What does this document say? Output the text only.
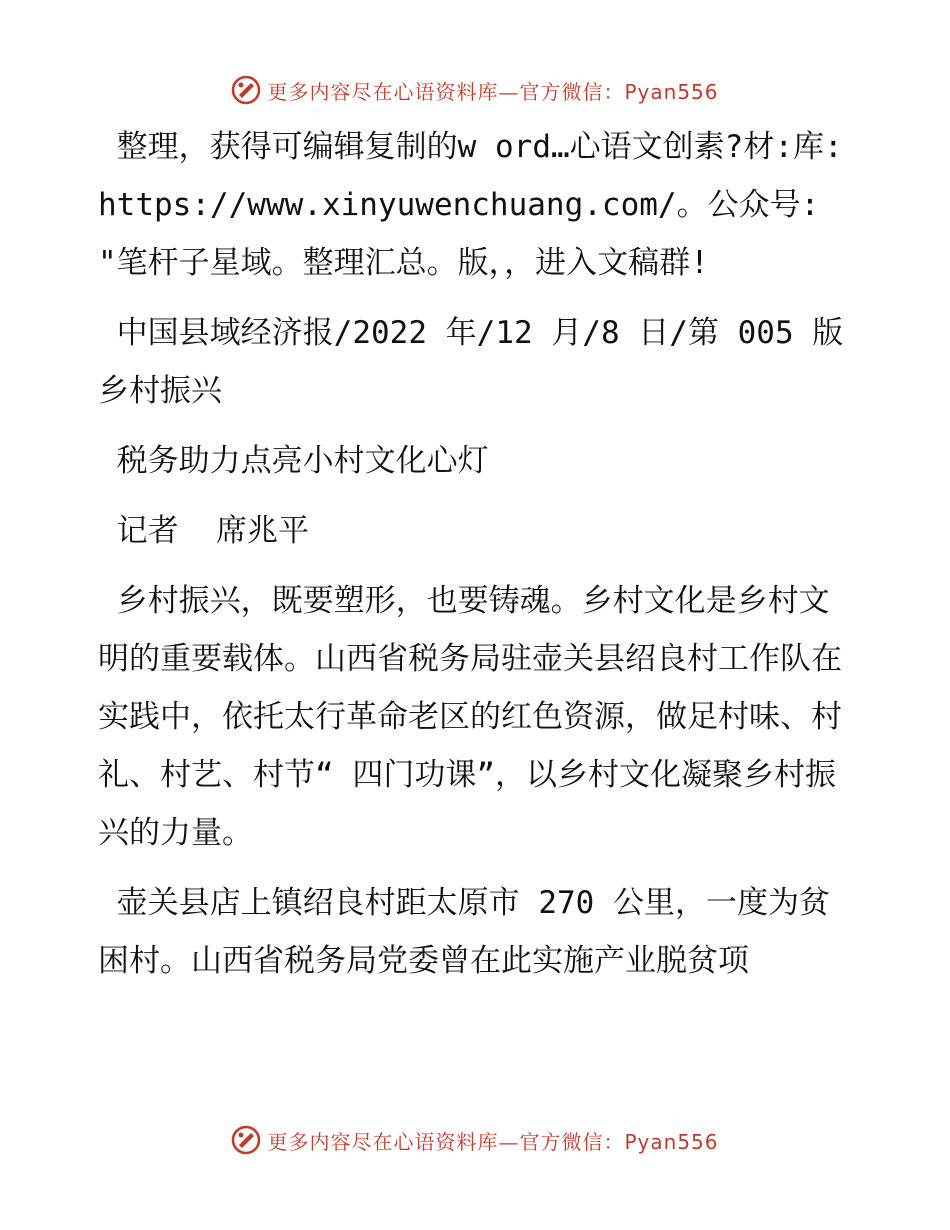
更多内容尽在心语资料库—官方微信：Pyan556

整理，获得可编辑复制的w ord…心语文创素?材:库: https://www.xinyuwenchuang.com/。公众号: "笔杆子星域。整理汇总。版，，进入文稿群!

中国县域经济报/2022 年/12 月/8 日/第 005 版乡村振兴

税务助力点亮小村文化心灯

记者  席兆平

乡村振兴，既要塑形，也要铸魂。乡村文化是乡村文明的重要载体。山西省税务局驻壶关县绍良村工作队在实践中，依托太行革命老区的红色资源，做足村味、村礼、村艺、村节“ 四门功课”，以乡村文化凝聚乡村振兴的力量。

壶关县店上镇绍良村距太原市 270 公里，一度为贫困村。山西省税务局党委曾在此实施产业脱贫项

更多内容尽在心语资料库—官方微信：Pyan556
